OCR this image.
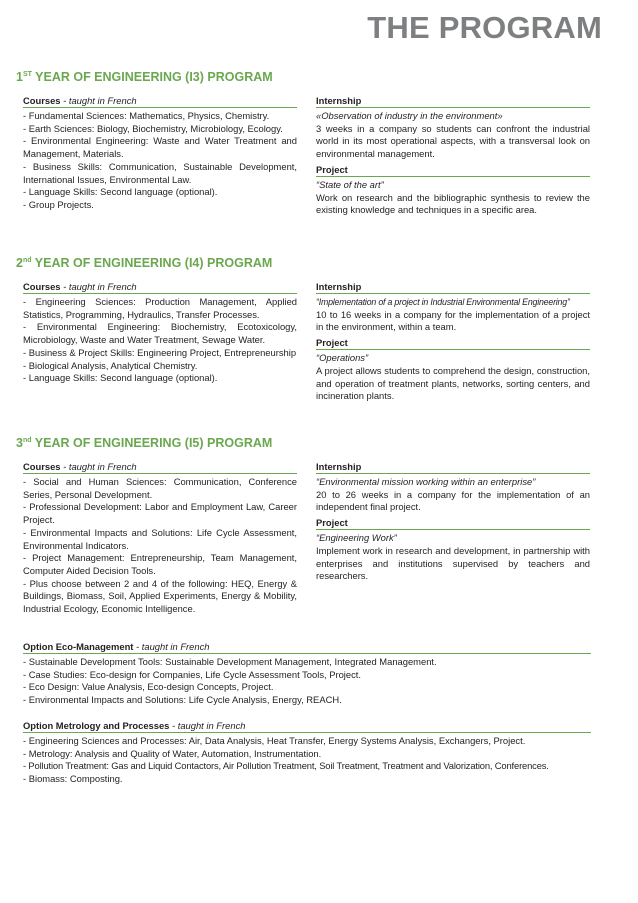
THE PROGRAM
1ST YEAR OF ENGINEERING (I3) PROGRAM
Courses - taught in French

- Fundamental Sciences: Mathematics, Physics, Chemistry.

- Earth Sciences: Biology, Biochemistry, Microbiology, Ecology.

- Environmental Engineering: Waste and Water Treatment and Management, Materials.

- Business Skills: Communication, Sustainable Development, International Issues, Environmental Law.

- Language Skills: Second language (optional).

- Group Projects.

Internship
«Observation of industry in the environment»
3 weeks in a company so students can confront the industrial world in its most operational aspects, with a transversal look on environmental management.
Project
“State of the art”
Work on research and the bibliographic synthesis to review the existing knowledge and techniques in a specific area.
2nd YEAR OF ENGINEERING (I4) PROGRAM
Courses - taught in French

- Engineering Sciences: Production Management, Applied Statistics, Programming, Hydraulics, Transfer Processes.

- Environmental Engineering: Biochemistry, Ecotoxicology, Microbiology, Waste and Water Treatment, Sewage Water.

- Business & Project Skills: Engineering Project, Entrepreneurship

- Biological Analysis, Analytical Chemistry.

- Language Skills: Second language (optional).

Internship
“Implementation of a project in Industrial Environmental Engineering”
10 to 16 weeks in a company for the implementation of a project in the environment, within a team.
Project
“Operations”
A project allows students to comprehend the design, construction, and operation of treatment plants, networks, sorting centers, and incineration plants.
3nd YEAR OF ENGINEERING (I5) PROGRAM
Courses - taught in French

- Social and Human Sciences: Communication, Conference Series, Personal Development.

- Professional Development: Labor and Employment Law, Career Project.

- Environmental Impacts and Solutions: Life Cycle Assessment, Environmental Indicators.

- Project Management: Entrepreneurship, Team Management, Computer Aided Decision Tools.

- Plus choose between 2 and 4 of the following: HEQ, Energy & Buildings, Biomass, Soil, Applied Experiments, Energy & Mobility, Industrial Ecology, Economic Intelligence.

Internship
“Environmental mission working within an enterprise”
20 to 26 weeks in a company for the implementation of an independent final project.
Project
“Engineering Work”
Implement work in research and development, in partnership with enterprises and institutions supervised by teachers and researchers.
Option Eco-Management - taught in French

- Sustainable Development Tools: Sustainable Development Management, Integrated Management.

- Case Studies: Eco-design for Companies, Life Cycle Assessment Tools, Project.

- Eco Design: Value Analysis, Eco-design Concepts, Project.

- Environmental Impacts and Solutions: Life Cycle Analysis, Energy, REACH.

Option Metrology and Processes - taught in French

- Engineering Sciences and Processes: Air, Data Analysis, Heat Transfer, Energy Systems Analysis, Exchangers, Project.

- Metrology: Analysis and Quality of Water, Automation, Instrumentation.

- Pollution Treatment: Gas and Liquid Contactors, Air Pollution Treatment, Soil Treatment, Treatment and Valorization, Conferences.

- Biomass: Composting.
